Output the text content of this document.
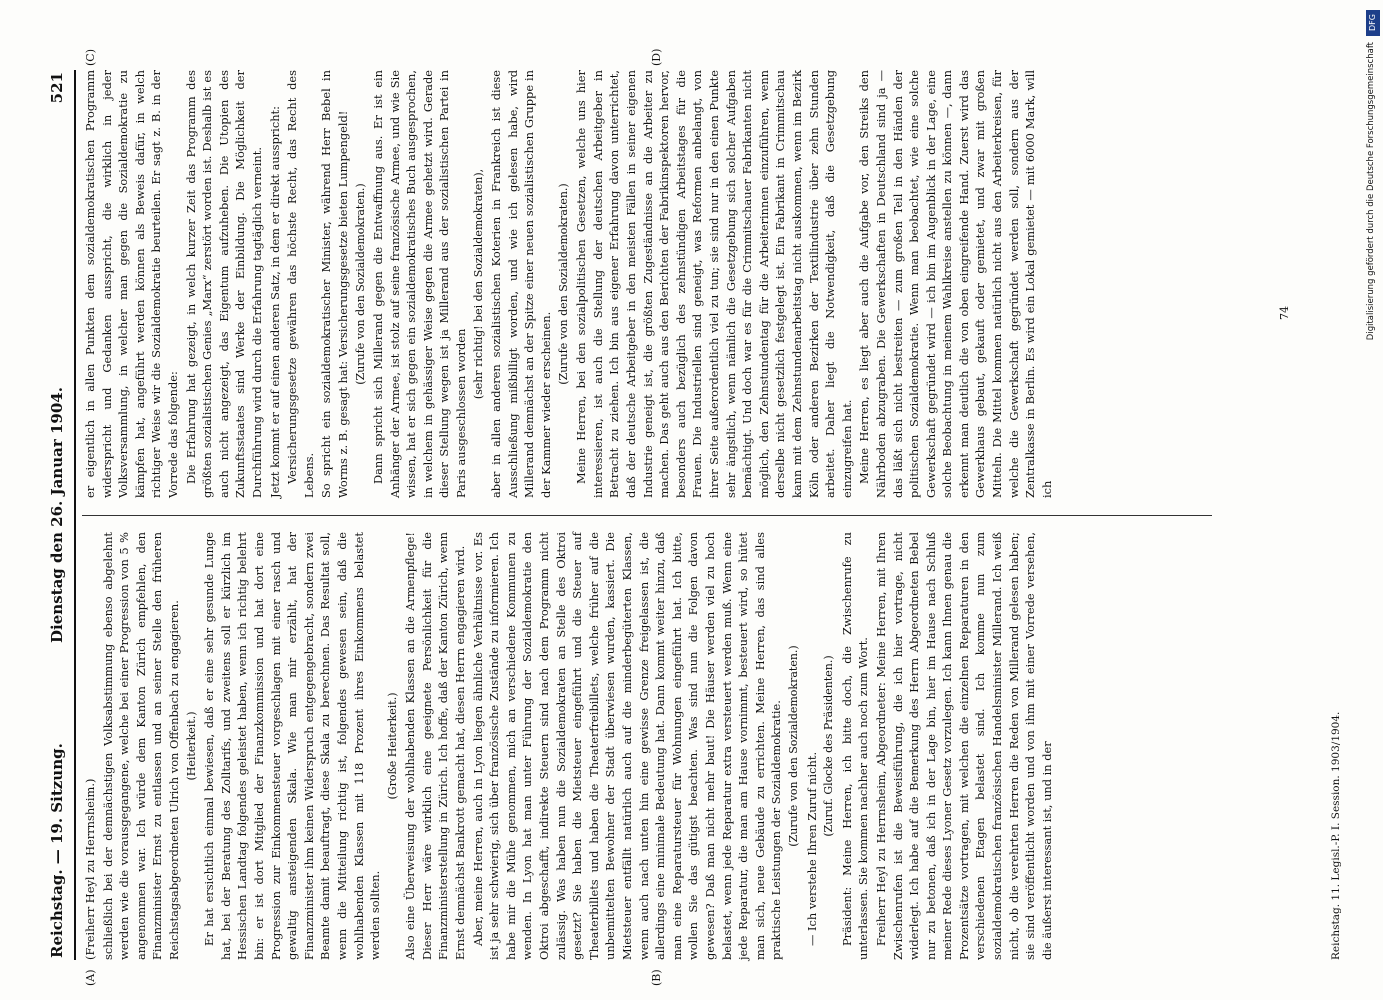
Reichstag. — 19. Sitzung.
Dienstag den 26. Januar 1904.
521
(A)	(B)
(C)	(D)

(Freiherr Heyl zu Herrnsheim.) schließlich bei der demnächstigen Volksabstimmung ebenso abgelehnt werden wie die vorausgegangene, welche bei einer Progression von 5 % angenommen war. Ich würde dem Kanton Zürich empfehlen, den Finanzminister Ernst zu entlassen und an seiner Stelle den früheren Reichstagsabgeordneten Ulrich von Offenbach zu engagieren. (Heiterkeit.) Er hat ersichtlich einmal bewiesen, daß er eine sehr gesunde Lunge hat, bei der Beratung des Zolltarifs, und zweitens soll er kürzlich im Hessischen Landtag folgendes geleistet haben, wenn ich richtig belehrt bin: er ist dort Mitglied der Finanzkommission und hat dort eine Progression zur Einkommensteuer vorgeschlagen mit einer rasch und gewaltig ansteigenden Skala. Wie man mir erzählt, hat der Finanzminister ihm keinen Widerspruch entgegengebracht, sondern zwei Beamte damit beauftragt, diese Skala zu berechnen. Das Resultat soll, wenn die Mitteilung richtig ist, folgendes gewesen sein, daß die wohlhabenden Klassen mit 118 Prozent ihres Einkommens belastet werden sollten.

(Große Heiterkeit.) Also eine Überweisung der wohlhabenden Klassen an die Armenpflege! Dieser Herr wäre wirklich eine geeignete Persönlichkeit für die Finanzministerstellung in Zürich. Ich hoffe, daß der Kanton Zürich, wenn Ernst demnächst Bankrott gemacht hat, diesen Herrn engagieren wird. Aber, meine Herren, auch in Lyon liegen ähnliche Verhältnisse vor. Es ist ja sehr schwierig, sich über französische Zustände zu informieren. Ich habe mir die Mühe genommen, mich an verschiedene Kommunen zu wenden. In Lyon hat man unter Führung der Sozialdemokratie den Oktroi abgeschafft, indirekte Steuern sind nach dem Programm nicht zulässig. Was haben nun die Sozialdemokraten an Stelle des Oktroi gesetzt? Sie haben die Mietsteuer eingeführt und die Steuer auf Theaterbillets und haben die Theaterfreibillets, welche früher auf die unbemittelten Bewohner der Stadt überwiesen wurden, kassiert. Die Mietsteuer entfällt natürlich auch auf die minderbegüterten Klassen, wenn auch nach unten hin eine gewisse Grenze freigelassen ist, die allerdings eine minimale Bedeutung hat. Dann kommt weiter hinzu, daß man eine Reparatursteuer für Wohnungen eingeführt hat. Ich bitte, wollen Sie das gütigst beachten. Was sind nun die Folgen davon gewesen? Daß man nicht mehr baut! Die Häuser werden viel zu hoch belastet, wenn jede Reparatur extra versteuert werden muß. Wenn eine jede Reparatur, die man am Hause vornimmt, besteuert wird, so hütet man sich, neue Gebäude zu errichten. Meine Herren, das sind alles praktische Leistungen der Sozialdemokratie. (Zurufe von den Sozialdemokraten.)

— Ich verstehe Ihren Zuruf nicht.

(Zuruf. Glocke des Präsidenten.) Präsident: Meine Herren, ich bitte doch, die Zwischenrufe zu unterlassen. Sie kommen nachher auch noch zum Wort. Freiherr Heyl zu Herrnsheim, Abgeordneter: Meine Herren, mit Ihren Zwischenrufen ist die Beweisführung, die ich hier vortrage, nicht widerlegt. Ich habe auf die Bemerkung des Herrn Abgeordneten Bebel nur zu betonen, daß ich in der Lage bin, hier im Hause nach Schluß meiner Rede dieses Lyoner Gesetz vorzulegen. Ich kann Ihnen genau die Prozentsätze vortragen, mit welchen die einzelnen Reparaturen in den verschiedenen Etagen belastet sind. Ich komme nun zum sozialdemokratischen französischen Handelsminister Millerand. Ich weiß nicht, ob die verehrten Herren die Reden von Millerand gelesen haben; sie sind veröffentlicht worden und von ihm mit einer Vorrede versehen, die äußerst interessant ist, und in der

er eigentlich in allen Punkten dem sozialdemokratischen Programm widerspricht und Gedanken ausspricht, die wirklich in jeder Volksversammlung, in welcher man gegen die Sozialdemokratie zu kämpfen hat, angeführt werden können als Beweis dafür, in welch richtiger Weise wir die Sozialdemokratie beurteilen. Er sagt z. B. in der Vorrede das folgende: Die Erfahrung hat gezeigt, in welch kurzer Zeit das Programm des größten sozialistischen Genies „Marx“ zerstört worden ist. Deshalb ist es auch nicht angezeigt, das Eigentum aufzuheben. Die Utopien des Zukunftsstaates sind Werke der Einbildung. Die Möglichkeit der Durchführung wird durch die Erfahrung tagtäglich verneint. Jetzt kommt er auf einen anderen Satz, in dem er direkt ausspricht: Versicherungsgesetze gewähren das höchste Recht, das Recht des Lebens. So spricht ein sozialdemokratischer Minister, während Herr Bebel in Worms z. B. gesagt hat: Versicherungsgesetze bieten Lumpengeld! (Zurufe von den Sozialdemokraten.) Dann spricht sich Millerand gegen die Entwaffnung aus. Er ist ein Anhänger der Armee, ist stolz auf seine französische Armee, und wie Sie wissen, hat er sich gegen ein sozialdemokratisches Buch ausgesprochen, in welchem in gehässiger Weise gegen die Armee gehetzt wird. Gerade dieser Stellung wegen ist ja Millerand aus der sozialistischen Partei in Paris ausgeschlossen worden

(sehr richtig! bei den Sozialdemokraten), aber in allen anderen sozialistischen Koterien in Frankreich ist diese Ausschließung mißbilligt worden, und wie ich gelesen habe, wird Millerand demnächst an der Spitze einer neuen sozialistischen Gruppe in der Kammer wieder erscheinen.

(Zurufe von den Sozialdemokraten.) Meine Herren, bei den sozialpolitischen Gesetzen, welche uns hier interessieren, ist auch die Stellung der deutschen Arbeitgeber in Betracht zu ziehen. Ich bin aus eigener Erfahrung davon unterrichtet, daß der deutsche Arbeitgeber in den meisten Fällen in seiner eigenen Industrie geneigt ist, die größten Zugeständnisse an die Arbeiter zu machen. Das geht auch aus den Berichten der Fabrikinspektoren hervor, besonders auch bezüglich des zehnstündigen Arbeitstages für die Frauen. Die Industriellen sind geneigt, was Reformen anbelangt, von ihrer Seite außerordentlich viel zu tun; sie sind nur in den einen Punkte sehr ängstlich, wenn nämlich die Gesetzgebung sich solcher Aufgaben bemächtigt. Und doch war es für die Crimmitschauer Fabrikanten nicht möglich, den Zehnstundentag für die Arbeiterinnen einzuführen, wenn derselbe nicht gesetzlich festgelegt ist. Ein Fabrikant in Crimmitschau kann mit dem Zehnstundenarbeitstag nicht auskommen, wenn im Bezirk Köln oder anderen Bezirken der Textilindustrie über zehn Stunden arbeitet. Daher liegt die Notwendigkeit, daß die Gesetzgebung einzugreifen hat. Meine Herren, es liegt aber auch die Aufgabe vor, den Streiks den Nährboden abzugraben. Die Gewerkschaften in Deutschland sind ja — das läßt sich nicht bestreiten — zum großen Teil in den Händen der politischen Sozialdemokratie. Wenn man beobachtet, wie eine solche Gewerkschaft gegründet wird — ich bin im Augenblick in der Lage, eine solche Beobachtung in meinem Wahlkreise anstellen zu können —, dann erkennt man deutlich die von oben eingreifende Hand. Zuerst wird das Gewerkhaus gebaut, gekauft oder gemietet, und zwar mit großen Mitteln. Die Mittel kommen natürlich nicht aus den Arbeiterkreisen, für welche die Gewerkschaft gegründet werden soll, sondern aus der Zentralkasse in Berlin. Es wird ein Lokal gemietet — mit 6000 Mark, will ich

74
Reichstag. 11. Legisl.-P. I. Session. 1903/1904.
DFG
Digitalisierung gefördert durch die Deutsche Forschungsgemeinschaft
